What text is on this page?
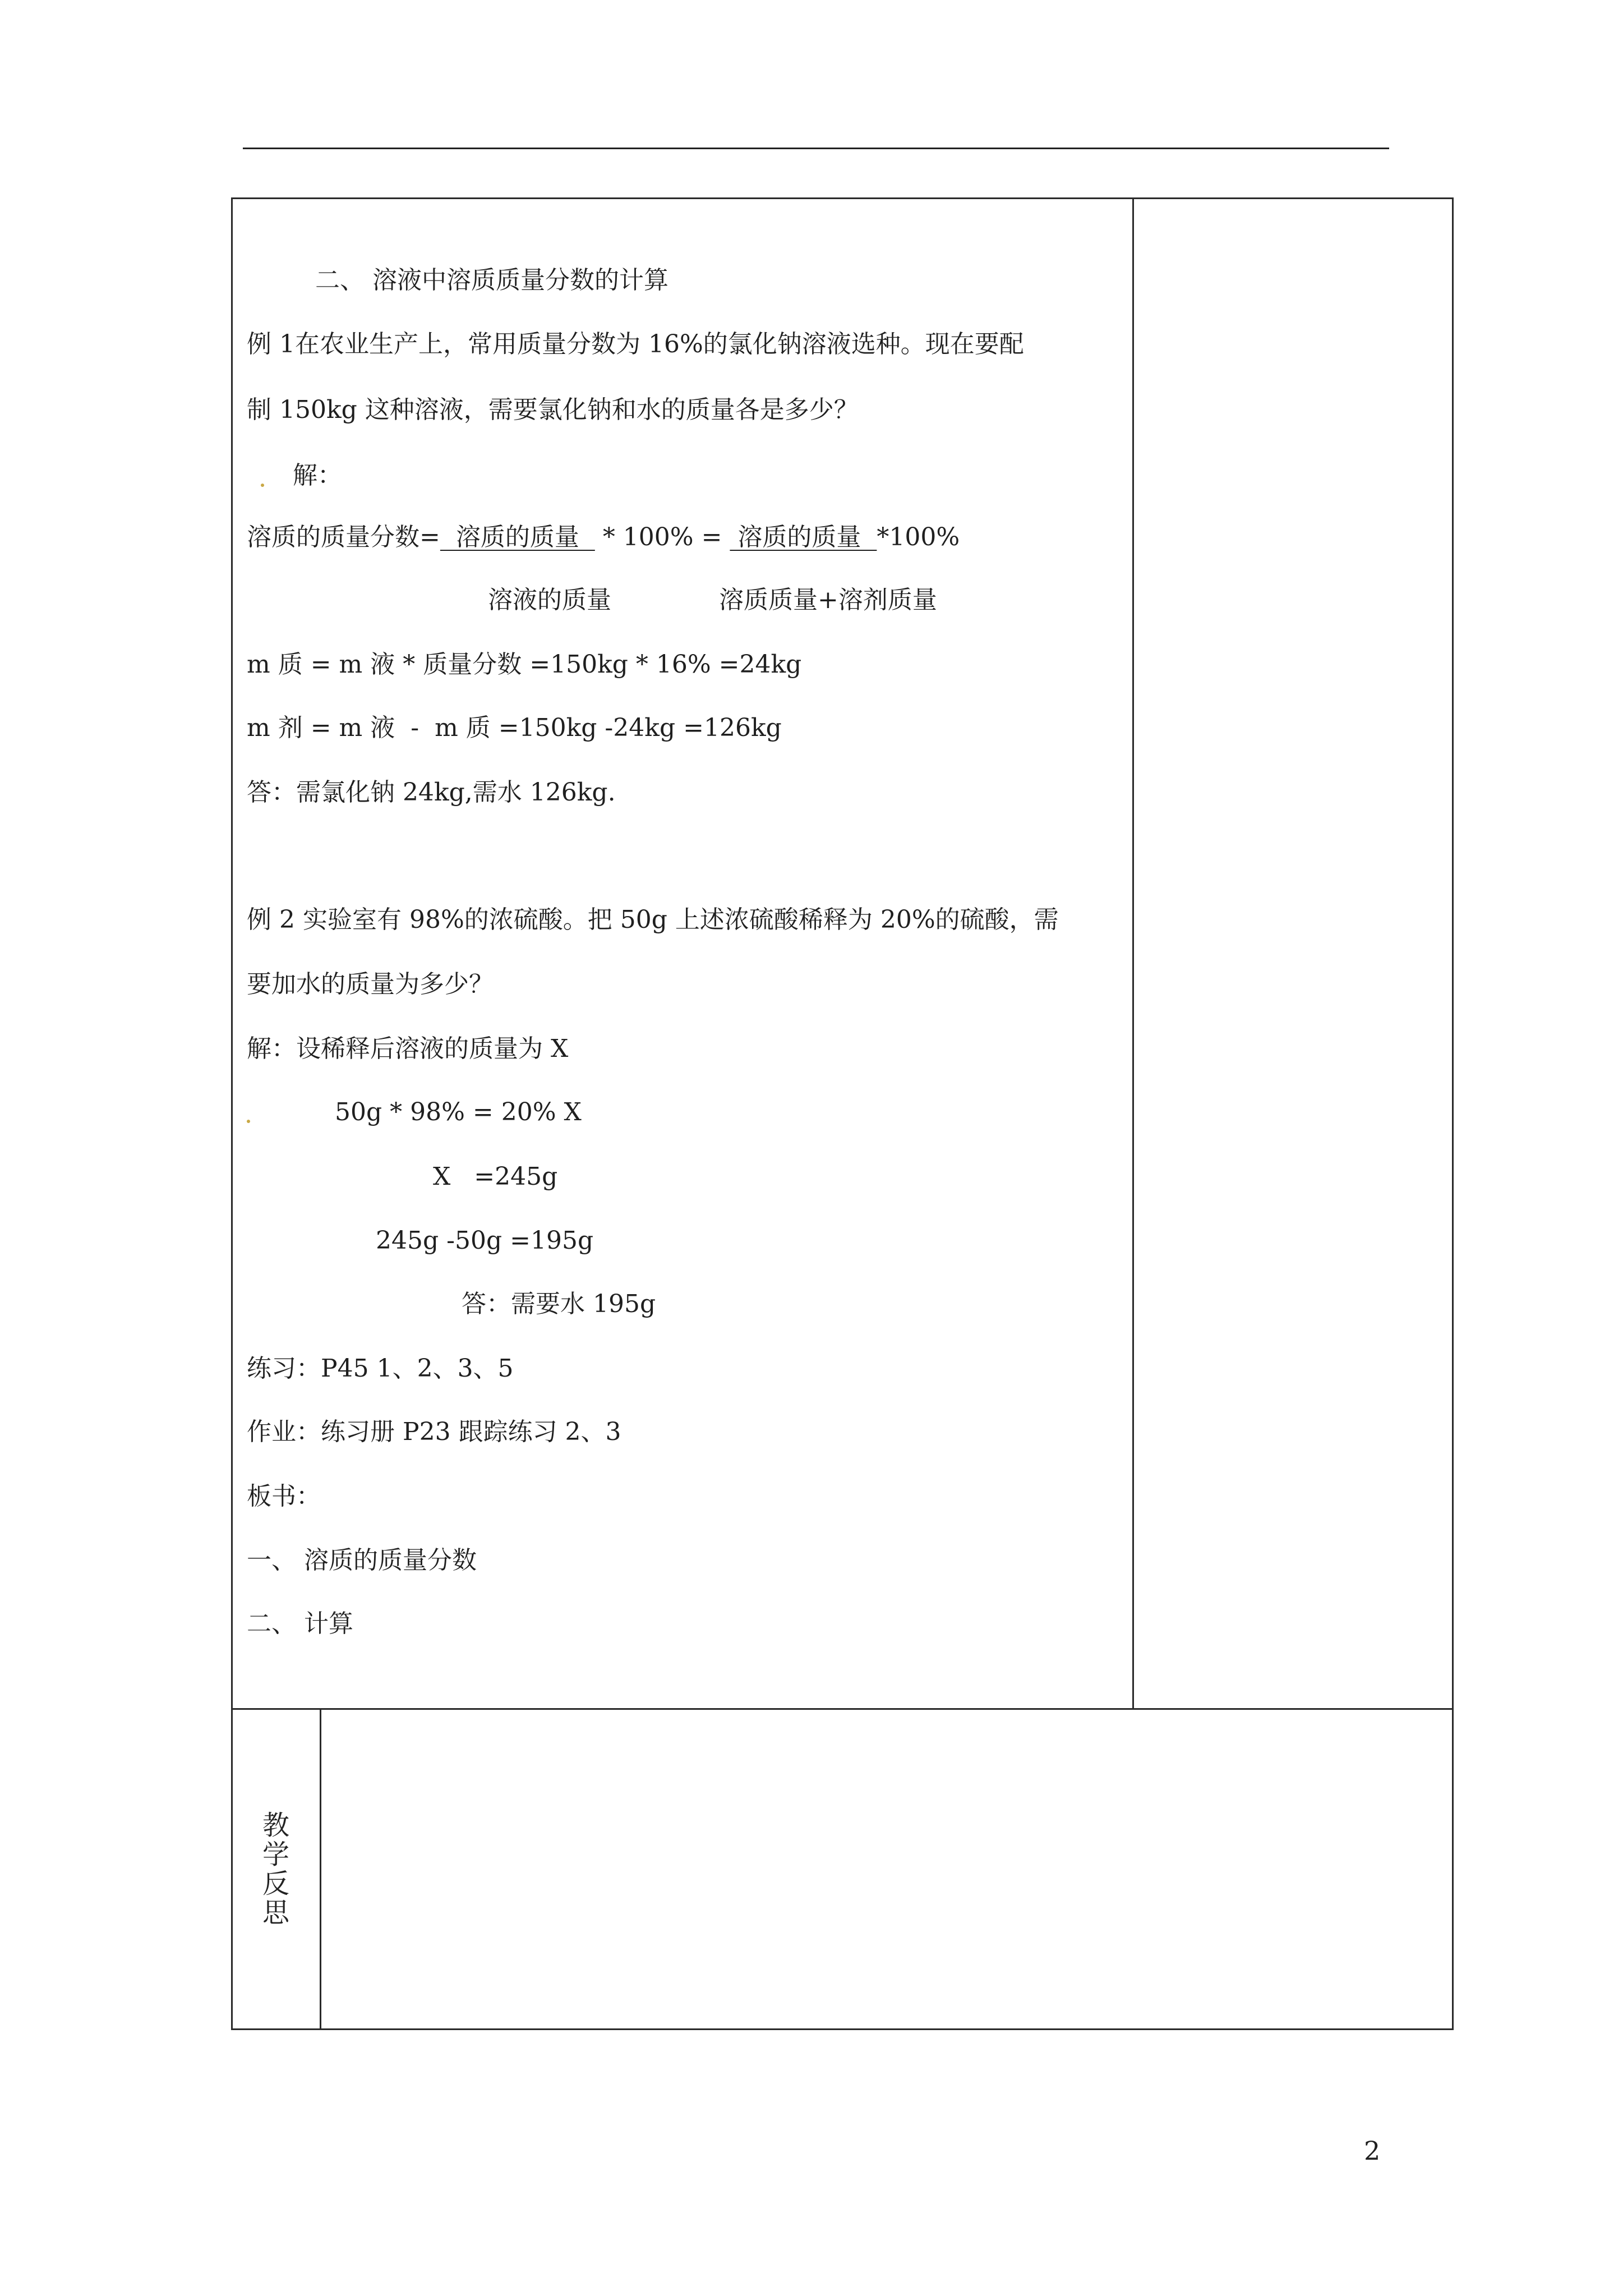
二、 溶液中溶质质量分数的计算
例 1在农业生产上，常用质量分数为 16%的氯化钠溶液选种。现在要配
制 150kg 这种溶液，需要氯化钠和水的质量各是多少？
解：
溶质的质量分数=  溶质的质量   * 100% =  溶质的质量  *100%
溶液的质量	溶质质量+溶剂质量
m 质 = m 液 * 质量分数 =150kg * 16% =24kg
m 剂 = m 液  -  m 质 =150kg -24kg =126kg
答：需氯化钠 24kg,需水 126kg.
例 2 实验室有 98%的浓硫酸。把 50g 上述浓硫酸稀释为 20%的硫酸，需
要加水的质量为多少？
解：设稀释后溶液的质量为 X
50g * 98% = 20% X
X   =245g
245g -50g =195g
答：需要水 195g
练习：P45 1、2、3、5
作业：练习册 P23 跟踪练习 2、3
板书：
一、 溶质的质量分数
二、 计算
教
学
反
思
2
